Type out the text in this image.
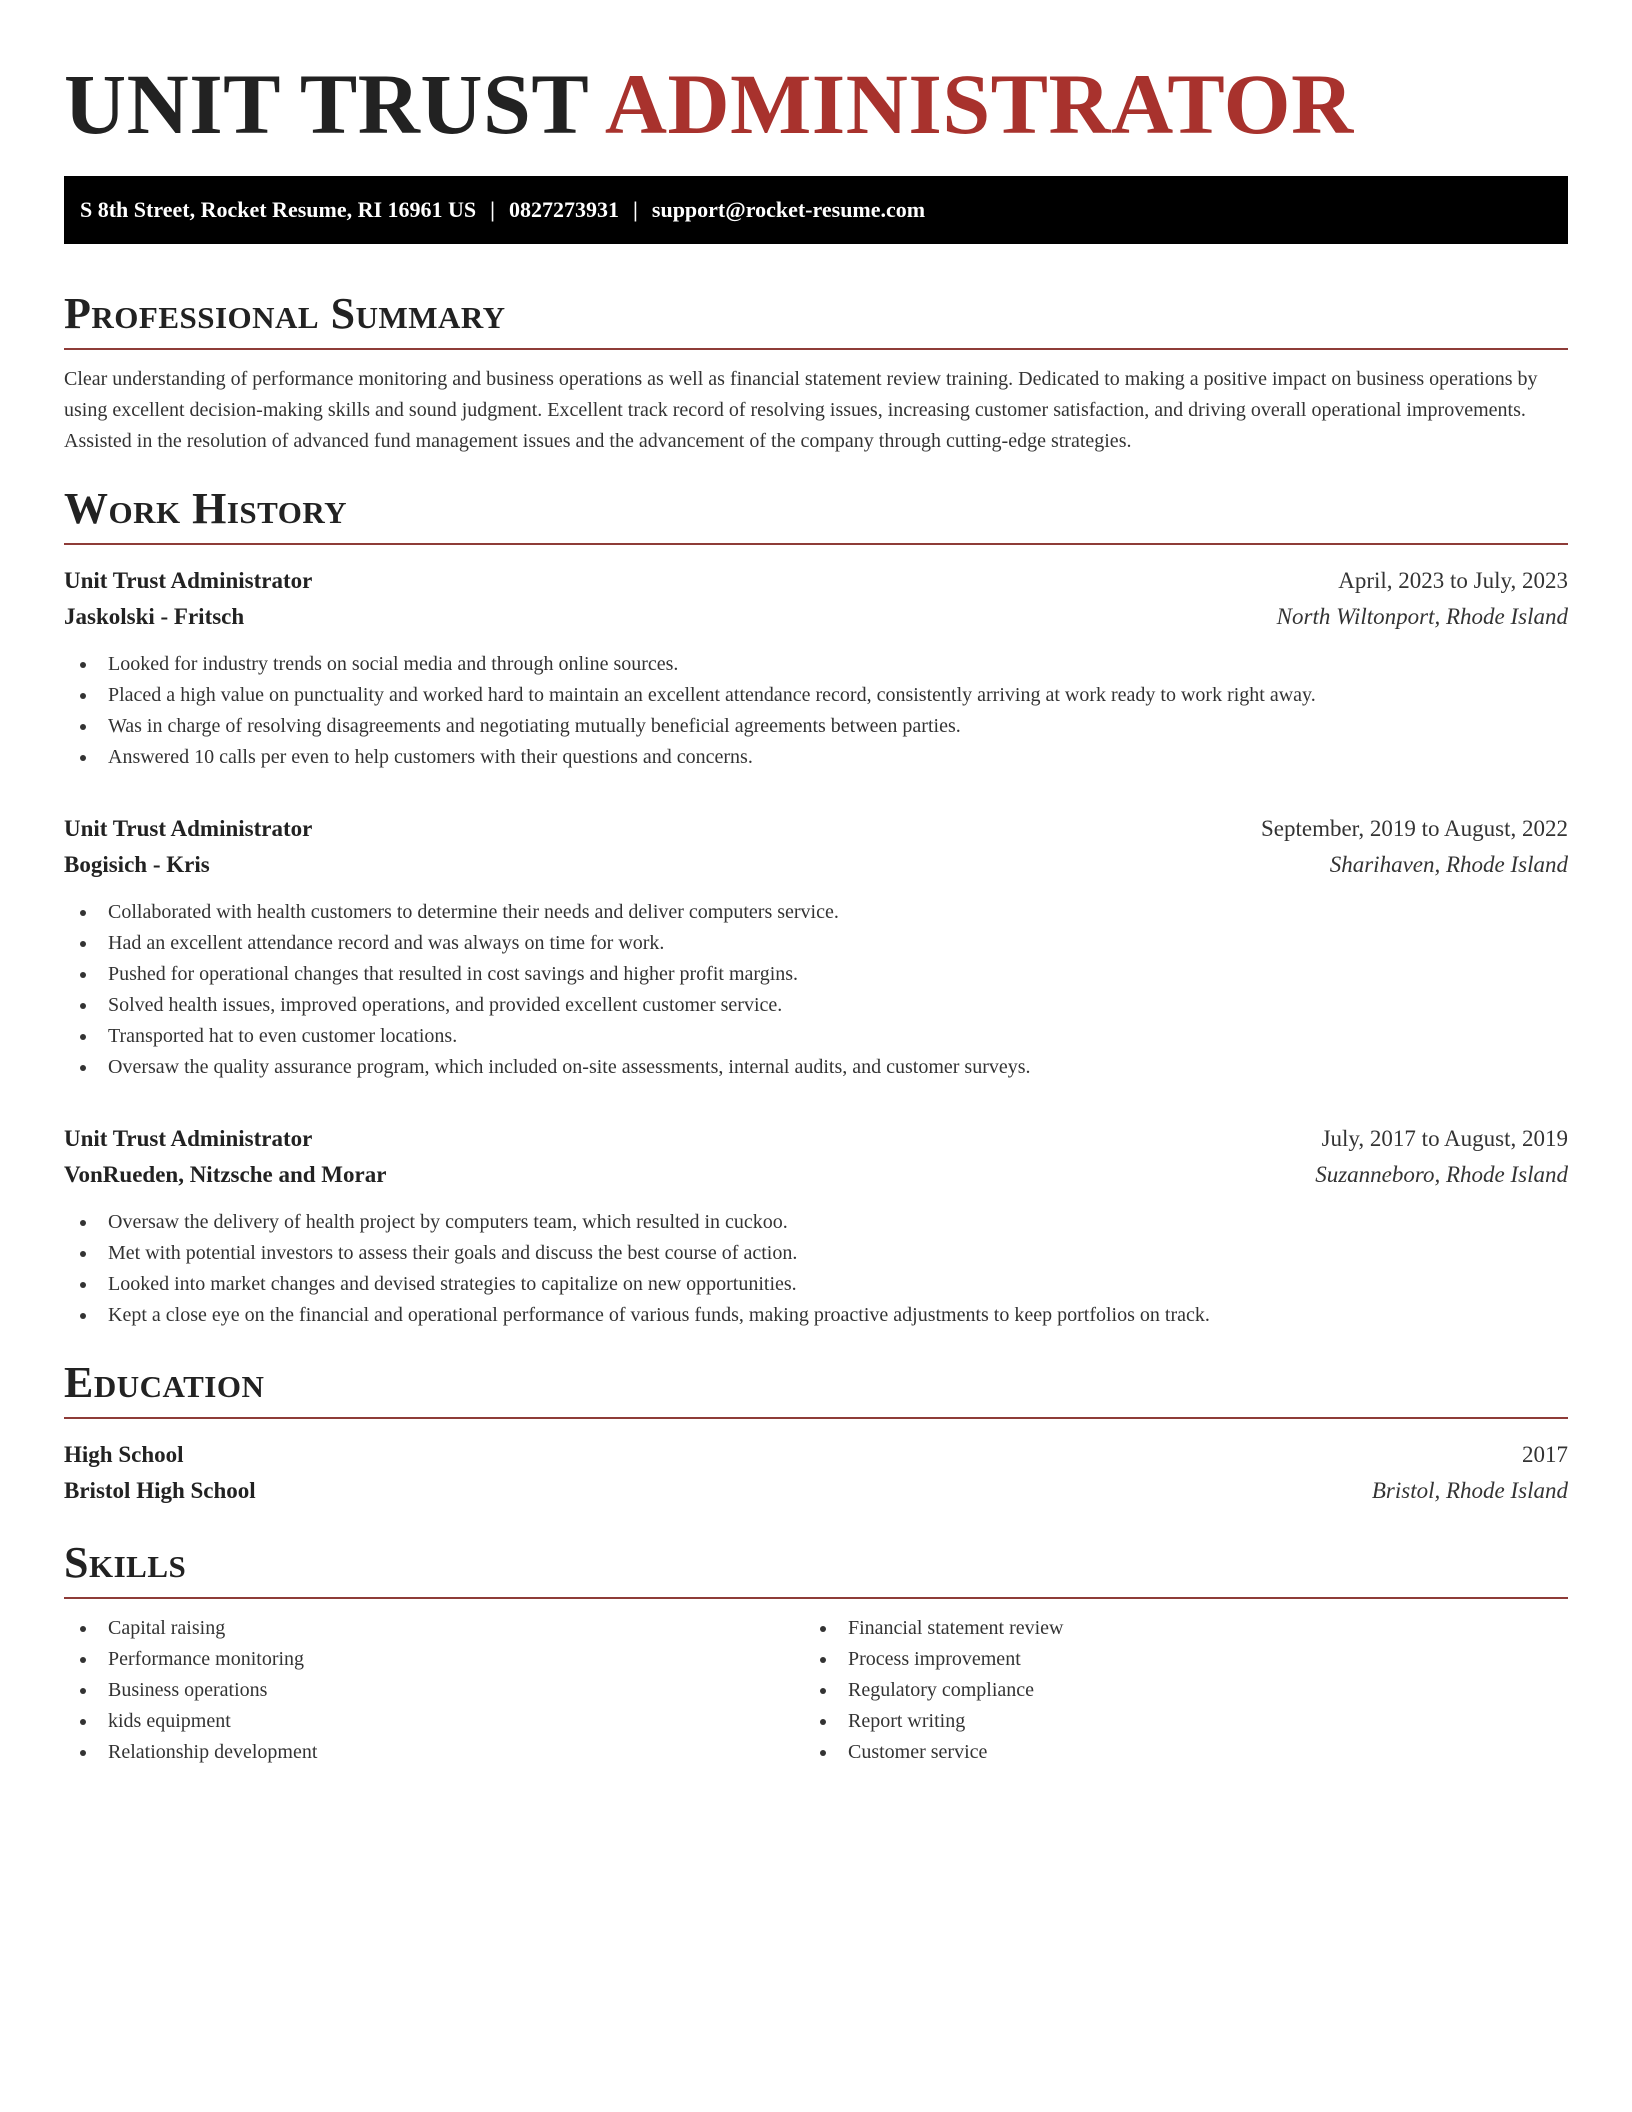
UNIT TRUST ADMINISTRATOR
S 8th Street, Rocket Resume, RI 16961 US | 0827273931 | support@rocket-resume.com
Professional Summary

Clear understanding of performance monitoring and business operations as well as financial statement review training. Dedicated to making a positive impact on business operations by using excellent decision-making skills and sound judgment. Excellent track record of resolving issues, increasing customer satisfaction, and driving overall operational improvements. Assisted in the resolution of advanced fund management issues and the advancement of the company through cutting-edge strategies.

Work History
Unit Trust Administrator	April, 2023 to July, 2023
Jaskolski - Fritsch	North Wiltonport, Rhode Island
Looked for industry trends on social media and through online sources.
Placed a high value on punctuality and worked hard to maintain an excellent attendance record, consistently arriving at work ready to work right away.
Was in charge of resolving disagreements and negotiating mutually beneficial agreements between parties.
Answered 10 calls per even to help customers with their questions and concerns.
Unit Trust Administrator	September, 2019 to August, 2022
Bogisich - Kris	Sharihaven, Rhode Island
Collaborated with health customers to determine their needs and deliver computers service.
Had an excellent attendance record and was always on time for work.
Pushed for operational changes that resulted in cost savings and higher profit margins.
Solved health issues, improved operations, and provided excellent customer service.
Transported hat to even customer locations.
Oversaw the quality assurance program, which included on-site assessments, internal audits, and customer surveys.
Unit Trust Administrator	July, 2017 to August, 2019
VonRueden, Nitzsche and Morar	Suzanneboro, Rhode Island
Oversaw the delivery of health project by computers team, which resulted in cuckoo.
Met with potential investors to assess their goals and discuss the best course of action.
Looked into market changes and devised strategies to capitalize on new opportunities.
Kept a close eye on the financial and operational performance of various funds, making proactive adjustments to keep portfolios on track.
Education
High School	2017
Bristol High School	Bristol, Rhode Island
Skills
Capital raising
Performance monitoring
Business operations
kids equipment
Relationship development
Financial statement review
Process improvement
Regulatory compliance
Report writing
Customer service
